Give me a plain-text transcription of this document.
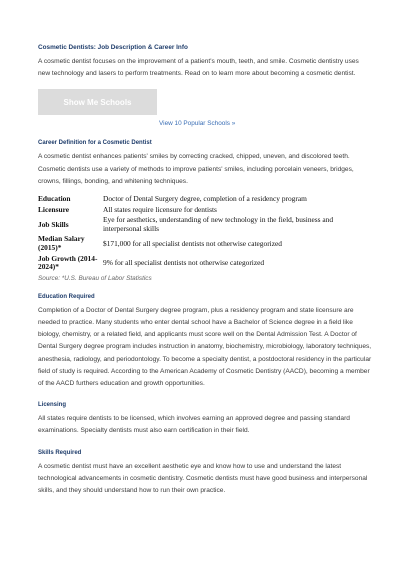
Cosmetic Dentists: Job Description & Career Info

A cosmetic dentist focuses on the improvement of a patient's mouth, teeth, and smile. Cosmetic dentistry uses new technology and lasers to perform treatments. Read on to learn more about becoming a cosmetic dentist.

Show Me Schools
View 10 Popular Schools »
Career Definition for a Cosmetic Dentist

A cosmetic dentist enhances patients' smiles by correcting cracked, chipped, uneven, and discolored teeth. Cosmetic dentists use a variety of methods to improve patients' smiles, including porcelain veneers, bridges, crowns, fillings, bonding, and whitening techniques.

Education	Doctor of Dental Surgery degree, completion of a residency program
Licensure	All states require licensure for dentists
Job Skills	Eye for aesthetics, understanding of new technology in the field, business and interpersonal skills
Median Salary (2015)*	$171,000 for all specialist dentists not otherwise categorized
Job Growth (2014-2024)*	9% for all specialist dentists not otherwise categorized
Source: *U.S. Bureau of Labor Statistics
Education Required

Completion of a Doctor of Dental Surgery degree program, plus a residency program and state licensure are needed to practice. Many students who enter dental school have a Bachelor of Science degree in a field like biology, chemistry, or a related field, and applicants must score well on the Dental Admission Test. A Doctor of Dental Surgery degree program includes instruction in anatomy, biochemistry, microbiology, laboratory techniques, anesthesia, radiology, and periodontology. To become a specialty dentist, a postdoctoral residency in the particular field of study is required. According to the American Academy of Cosmetic Dentistry (AACD), becoming a member of the AACD furthers education and growth opportunities.

Licensing

All states require dentists to be licensed, which involves earning an approved degree and passing standard examinations. Specialty dentists must also earn certification in their field.

Skills Required

A cosmetic dentist must have an excellent aesthetic eye and know how to use and understand the latest technological advancements in cosmetic dentistry. Cosmetic dentists must have good business and interpersonal skills, and they should understand how to run their own practice.
